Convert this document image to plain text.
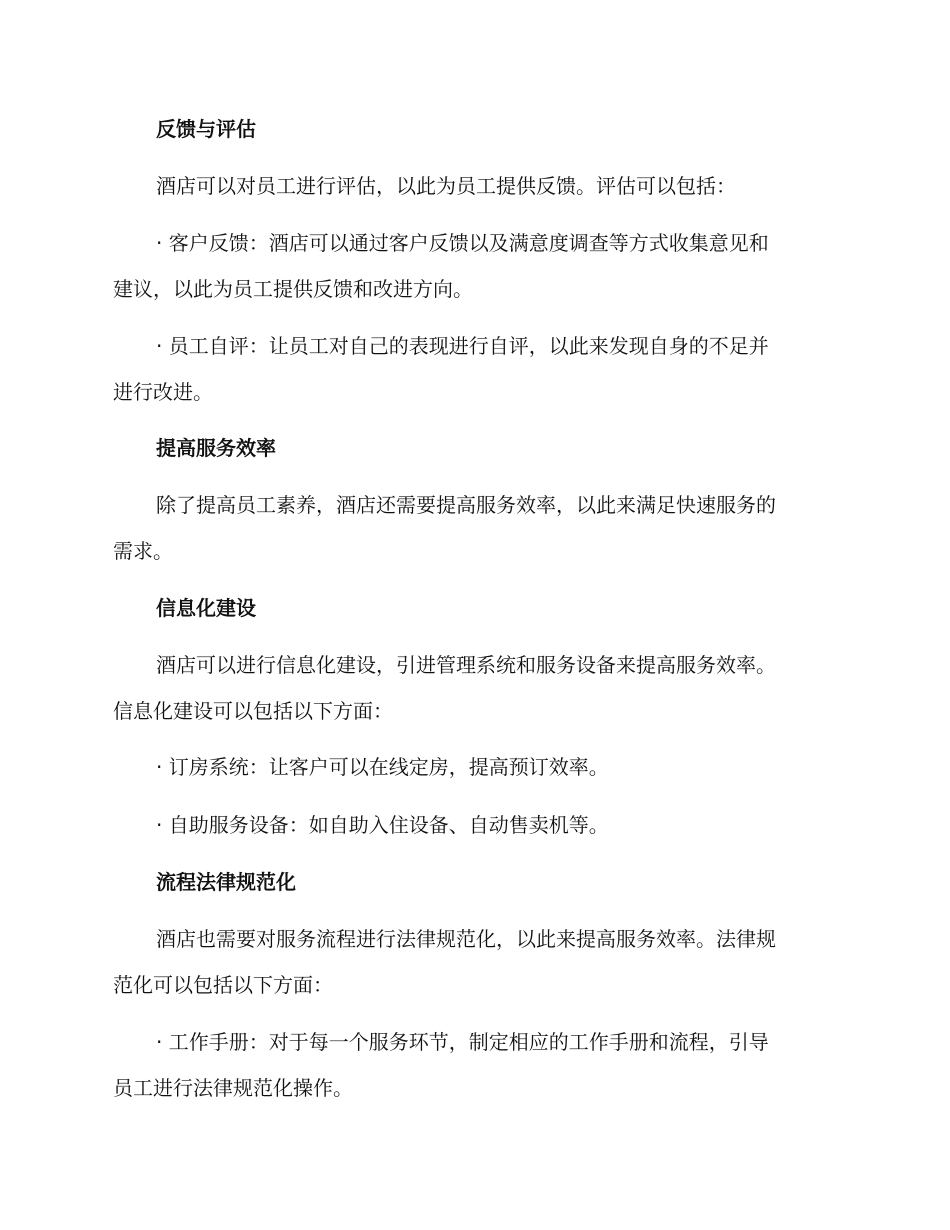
反馈与评估
酒店可以对员工进行评估，以此为员工提供反馈。评估可以包括：
· 客户反馈：酒店可以通过客户反馈以及满意度调查等方式收集意见和
建议，以此为员工提供反馈和改进方向。
· 员工自评：让员工对自己的表现进行自评，以此来发现自身的不足并
进行改进。
提高服务效率
除了提高员工素养，酒店还需要提高服务效率，以此来满足快速服务的
需求。
信息化建设
酒店可以进行信息化建设，引进管理系统和服务设备来提高服务效率。
信息化建设可以包括以下方面：
· 订房系统：让客户可以在线定房，提高预订效率。
· 自助服务设备：如自助入住设备、自动售卖机等。
流程法律规范化
酒店也需要对服务流程进行法律规范化，以此来提高服务效率。法律规
范化可以包括以下方面：
· 工作手册：对于每一个服务环节，制定相应的工作手册和流程，引导
员工进行法律规范化操作。
